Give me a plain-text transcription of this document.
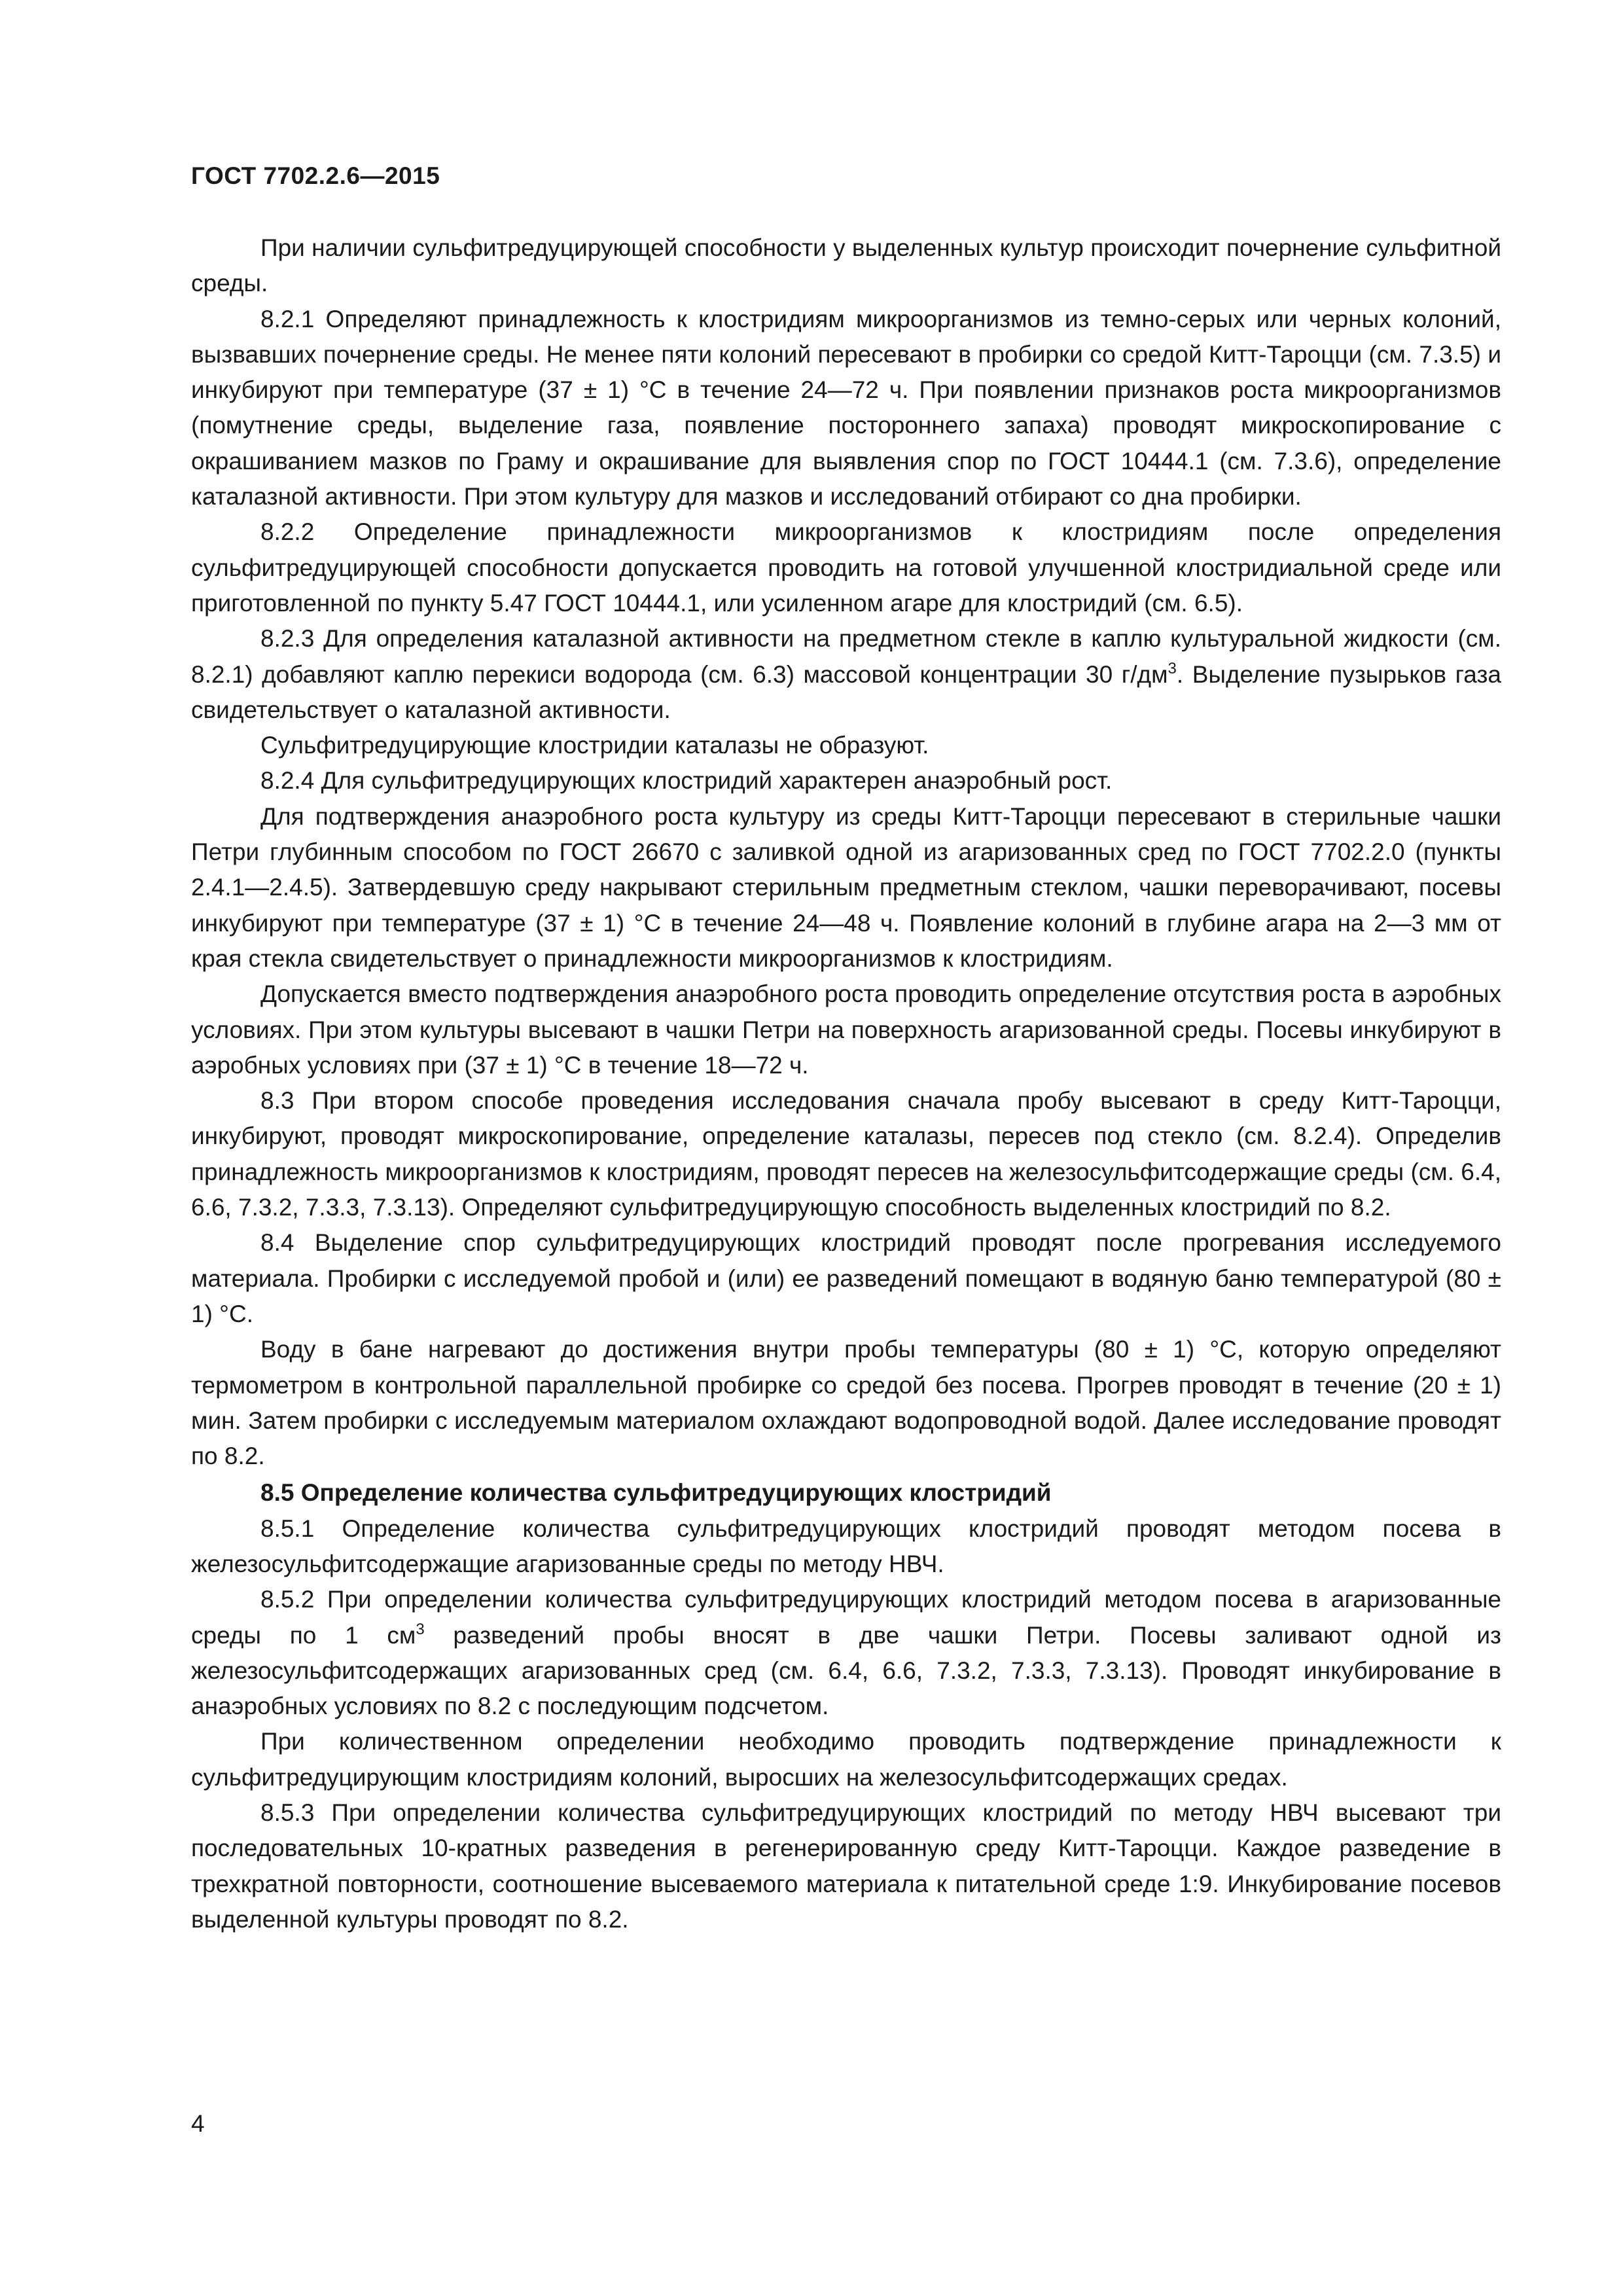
ГОСТ 7702.2.6—2015

При наличии сульфитредуцирующей способности у выделенных культур происходит почернение сульфитной среды.

8.2.1 Определяют принадлежность к клостридиям микроорганизмов из темно-серых или черных колоний, вызвавших почернение среды. Не менее пяти колоний пересевают в пробирки со средой Китт-Тароцци (см. 7.3.5) и инкубируют при температуре (37 ± 1) °С в течение 24—72 ч. При появлении признаков роста микроорганизмов (помутнение среды, выделение газа, появление постороннего запаха) проводят микроскопирование с окрашиванием мазков по Граму и окрашивание для выявления спор по ГОСТ 10444.1 (см. 7.3.6), определение каталазной активности. При этом культуру для мазков и исследований отбирают со дна пробирки.

8.2.2 Определение принадлежности микроорганизмов к клостридиям после определения сульфитредуцирующей способности допускается проводить на готовой улучшенной клостридиальной среде или приготовленной по пункту 5.47 ГОСТ 10444.1, или усиленном агаре для клостридий (см. 6.5).

8.2.3 Для определения каталазной активности на предметном стекле в каплю культуральной жидкости (см. 8.2.1) добавляют каплю перекиси водорода (см. 6.3) массовой концентрации 30 $г/дм^3$. Выделение пузырьков газа свидетельствует о каталазной активности.

Сульфитредуцирующие клостридии каталазы не образуют.

8.2.4 Для сульфитредуцирующих клостридий характерен анаэробный рост.

Для подтверждения анаэробного роста культуру из среды Китт-Тароцци пересевают в стерильные чашки Петри глубинным способом по ГОСТ 26670 с заливкой одной из агаризованных сред по ГОСТ 7702.2.0 (пункты 2.4.1—2.4.5). Затвердевшую среду накрывают стерильным предметным стеклом, чашки переворачивают, посевы инкубируют при температуре (37 ± 1) °С в течение 24—48 ч. Появление колоний в глубине агара на 2—3 мм от края стекла свидетельствует о принадлежности микроорганизмов к клостридиям.

Допускается вместо подтверждения анаэробного роста проводить определение отсутствия роста в аэробных условиях. При этом культуры высевают в чашки Петри на поверхность агаризованной среды. Посевы инкубируют в аэробных условиях при (37 ± 1) °С в течение 18—72 ч.

8.3 При втором способе проведения исследования сначала пробу высевают в среду Китт-Тароцци, инкубируют, проводят микроскопирование, определение каталазы, пересев под стекло (см. 8.2.4). Определив принадлежность микроорганизмов к клостридиям, проводят пересев на железосульфитсодержащие среды (см. 6.4, 6.6, 7.3.2, 7.3.3, 7.3.13). Определяют сульфитредуцирующую способность выделенных клостридий по 8.2.

8.4 Выделение спор сульфитредуцирующих клостридий проводят после прогревания исследуемого материала. Пробирки с исследуемой пробой и (или) ее разведений помещают в водяную баню температурой (80 ± 1) °С.

Воду в бане нагревают до достижения внутри пробы температуры (80 ± 1) °С, которую определяют термометром в контрольной параллельной пробирке со средой без посева. Прогрев проводят в течение (20 ± 1) мин. Затем пробирки с исследуемым материалом охлаждают водопроводной водой. Далее исследование проводят по 8.2.

8.5 Определение количества сульфитредуцирующих клостридий

8.5.1 Определение количества сульфитредуцирующих клостридий проводят методом посева в железосульфитсодержащие агаризованные среды по методу НВЧ.

8.5.2 При определении количества сульфитредуцирующих клостридий методом посева в агаризованные среды по 1 $см^3$ разведений пробы вносят в две чашки Петри. Посевы заливают одной из железосульфитсодержащих агаризованных сред (см. 6.4, 6.6, 7.3.2, 7.3.3, 7.3.13). Проводят инкубирование в анаэробных условиях по 8.2 с последующим подсчетом.

При количественном определении необходимо проводить подтверждение принадлежности к сульфитредуцирующим клостридиям колоний, выросших на железосульфитсодержащих средах.

8.5.3 При определении количества сульфитредуцирующих клостридий по методу НВЧ высевают три последовательных 10-кратных разведения в регенерированную среду Китт-Тароцци. Каждое разведение в трехкратной повторности, соотношение высеваемого материала к питательной среде 1:9. Инкубирование посевов выделенной культуры проводят по 8.2.

4
